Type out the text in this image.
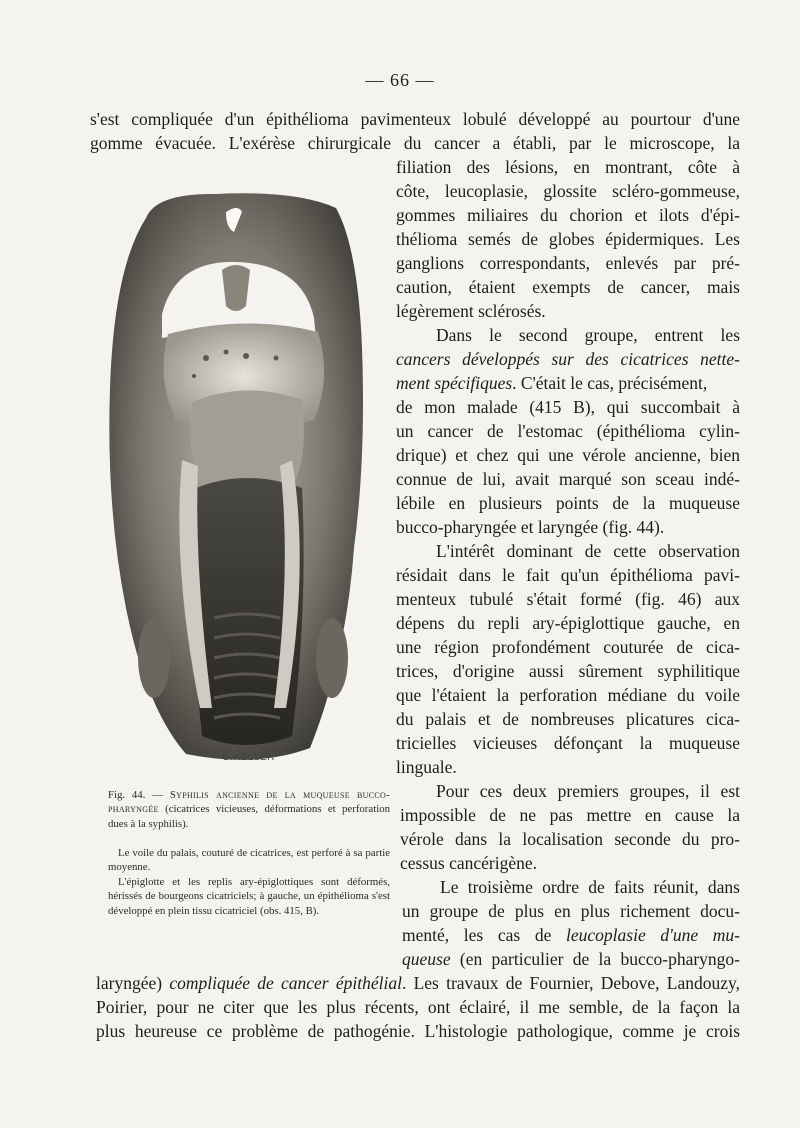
— 66 —
s'est compliquée d'un épithélioma pavimenteux lobulé développé au pourtour d'une
gomme évacuée. L'exérèse chirurgicale du cancer a établi, par le microscope, la
filiation des lésions, en montrant, côte à
côte, leucoplasie, glossite scléro-gommeuse,
gommes miliaires du chorion et ilots d'épi-
thélioma semés de globes épidermiques. Les
ganglions correspondants, enlevés par pré-
caution, étaient exempts de cancer, mais
légèrement sclérosés.
Dans le second groupe, entrent les
cancers développés sur des cicatrices nette-
ment spécifiques. C'était le cas, précisément,
de mon malade (415 B), qui succombait à
un cancer de l'estomac (épithélioma cylin-
drique) et chez qui une vérole ancienne, bien
connue de lui, avait marqué son sceau indé-
lébile en plusieurs points de la muqueuse
bucco-pharyngée et laryngée (fig. 44).
L'intérêt dominant de cette observation
résidait dans le fait qu'un épithélioma pavi-
menteux tubulé s'était formé (fig. 46) aux
dépens du repli ary-épiglottique gauche, en
une région profondément couturée de cica-
trices, d'origine aussi sûrement syphilitique
que l'étaient la perforation médiane du voile
du palais et de nombreuses plicatures cica-
tricielles vicieuses défonçant la muqueuse
linguale.
Pour ces deux premiers groupes, il est
impossible de ne pas mettre en cause la
vérole dans la localisation seconde du pro-
cessus cancérigène.
Le troisième ordre de faits réunit, dans
un groupe de plus en plus richement docu-
menté, les cas de leucoplasie d'une mu-
queuse (en particulier de la bucco-pharyngo-
laryngée) compliquée de cancer épithélial. Les travaux de Fournier, Debove, Landouzy,
Poirier, pour ne citer que les plus récents, ont éclairé, il me semble, de la façon la
plus heureuse ce problème de pathogénie. L'histologie pathologique, comme je crois
G.KELLER
Fig. 44. — Syphilis ancienne de la muqueuse bucco-pharyngée (cicatrices vicieuses, déformations et perforation dues à la syphilis).
Le voile du palais, couturé de cicatrices, est perforé à sa partie moyenne.
L'épiglotte et les replis ary-épiglottiques sont déformés, hérissés de bourgeons cicatriciels; à gauche, un épithélioma s'est développé en plein tissu cicatriciel (obs. 415, B).
